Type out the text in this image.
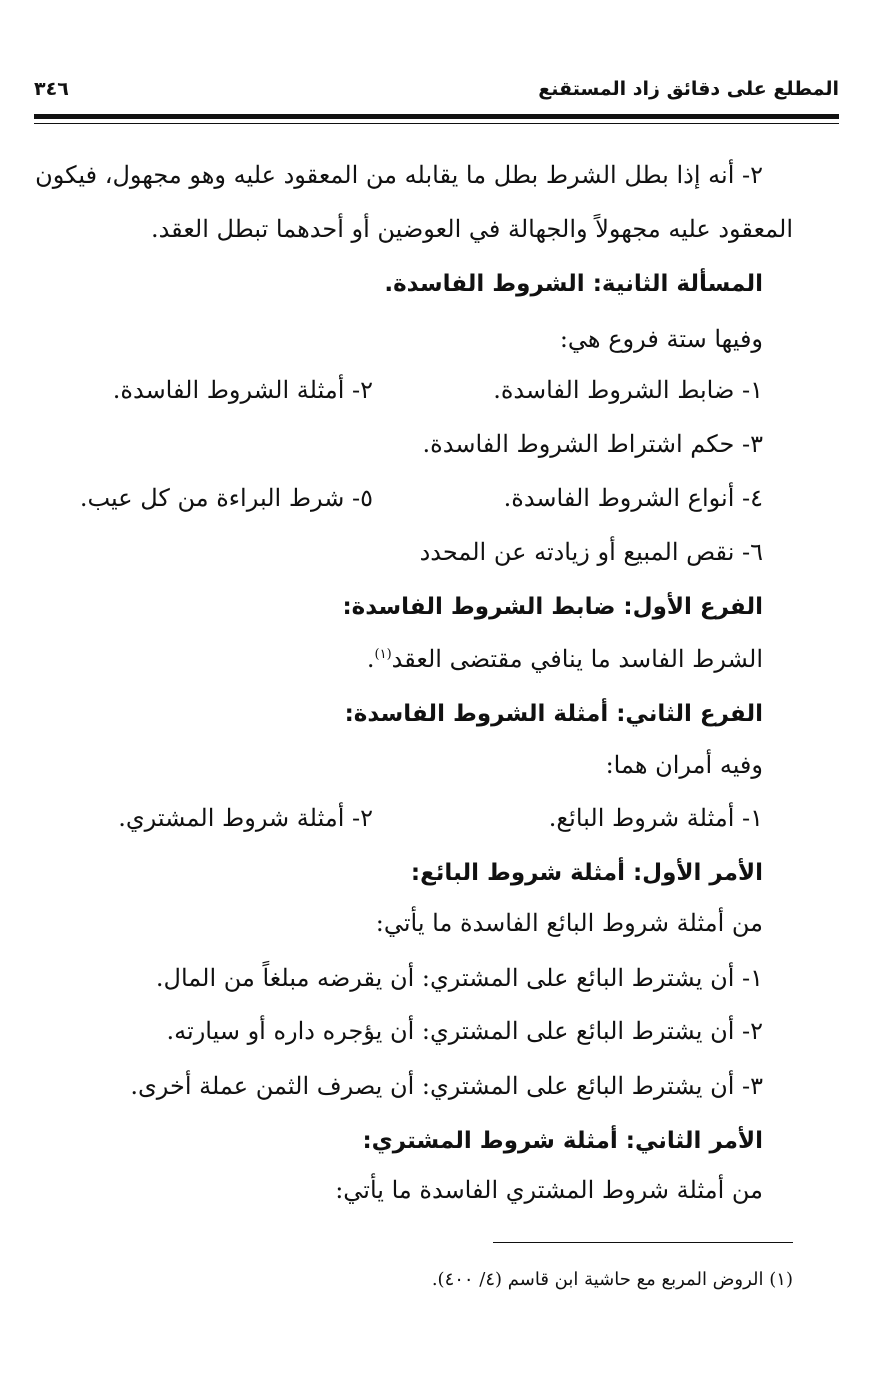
المطلع على دقائق زاد المستقنع
٣٤٦
٢- أنه إذا بطل الشرط بطل ما يقابله من المعقود عليه وهو مجهول، فيكون
المعقود عليه مجهولاً والجهالة في العوضين أو أحدهما تبطل العقد.
المسألة الثانية: الشروط الفاسدة.
وفيها ستة فروع هي:
١- ضابط الشروط الفاسدة.
٢- أمثلة الشروط الفاسدة.
٣- حكم اشتراط الشروط الفاسدة.
٤- أنواع الشروط الفاسدة.
٥- شرط البراءة من كل عيب.
٦- نقص المبيع أو زيادته عن المحدد
الفرع الأول: ضابط الشروط الفاسدة:
الشرط الفاسد ما ينافي مقتضى العقد$^{(١)}$.
الفرع الثاني: أمثلة الشروط الفاسدة:
وفيه أمران هما:
١- أمثلة شروط البائع.
٢- أمثلة شروط المشتري.
الأمر الأول: أمثلة شروط البائع:
من أمثلة شروط البائع الفاسدة ما يأتي:
١- أن يشترط البائع على المشتري: أن يقرضه مبلغاً من المال.
٢- أن يشترط البائع على المشتري: أن يؤجره داره أو سيارته.
٣- أن يشترط البائع على المشتري: أن يصرف الثمن عملة أخرى.
الأمر الثاني: أمثلة شروط المشتري:
من أمثلة شروط المشتري الفاسدة ما يأتي:
(١) الروض المربع مع حاشية ابن قاسم (٤/ ٤٠٠).
